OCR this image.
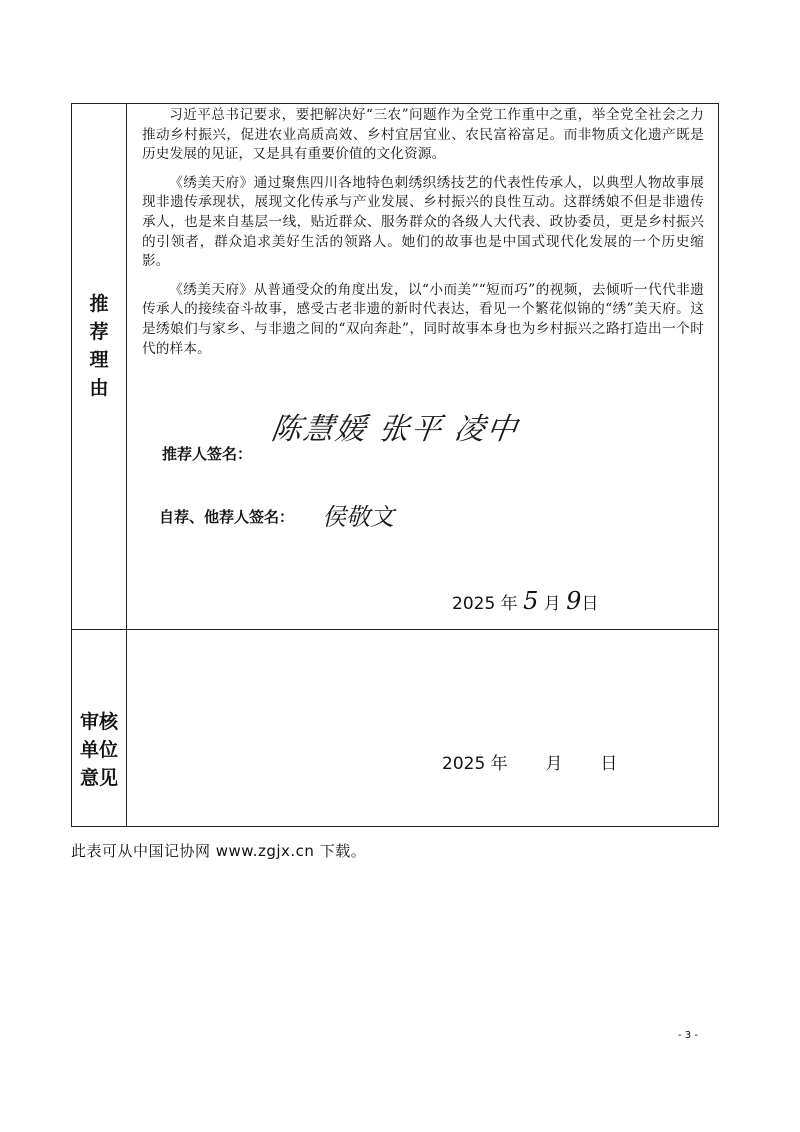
推
荐
理
由

习近平总书记要求，要把解决好“三农”问题作为全党工作重中之重，举全党全社会之力推动乡村振兴，促进农业高质高效、乡村宜居宜业、农民富裕富足。而非物质文化遗产既是历史发展的见证，又是具有重要价值的文化资源。

《绣美天府》通过聚焦四川各地特色刺绣织绣技艺的代表性传承人，以典型人物故事展现非遗传承现状，展现文化传承与产业发展、乡村振兴的良性互动。这群绣娘不但是非遗传承人，也是来自基层一线，贴近群众、服务群众的各级人大代表、政协委员，更是乡村振兴的引领者，群众追求美好生活的领路人。她们的故事也是中国式现代化发展的一个历史缩影。

《绣美天府》从普通受众的角度出发，以“小而美”“短而巧”的视频，去倾听一代代非遗传承人的接续奋斗故事，感受古老非遗的新时代表达，看见一个繁花似锦的“绣”美天府。这是绣娘们与家乡、与非遗之间的“双向奔赴”，同时故事本身也为乡村振兴之路打造出一个时代的样本。

陈慧媛 张平 凌中
推荐人签名：
自荐、他荐人签名： 侯敬文
2025 年 5 月 9日
审核
单位
意见
2025 年 月 日
此表可从中国记协网 www.zgjx.cn 下载。
- 3 -
